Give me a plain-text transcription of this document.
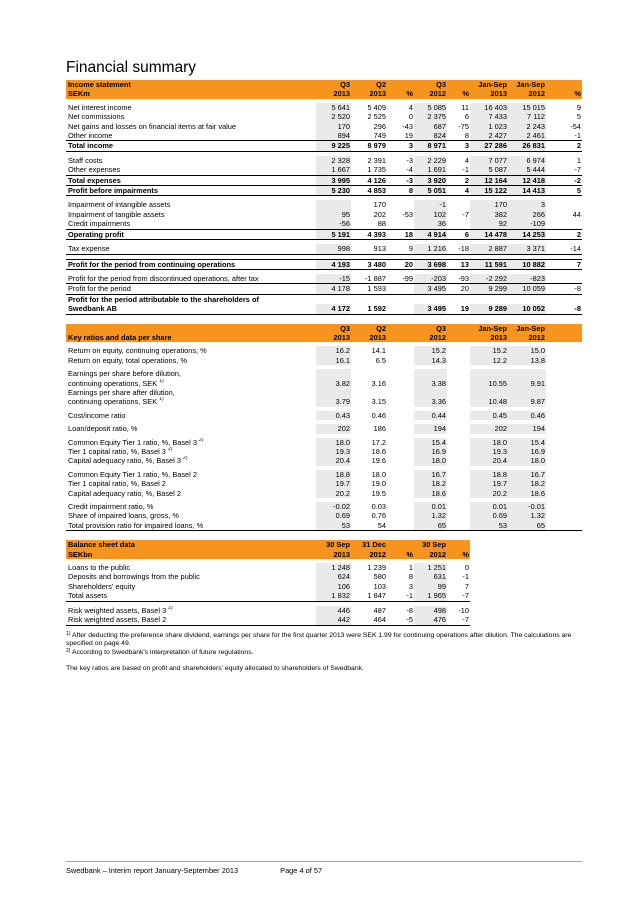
Financial summary
Income statement	Q3	Q2		Q3		Jan-Sep	Jan-Sep	
SEKm	2013	2013	%	2012	%	2013	2012	%

Net interest income	5 641	5 409	4	5 085	11	16 403	15 015	9
Net commissions	2 520	2 525	0	2 375	6	7 433	7 112	5
Net gains and losses on financial items at fair value	170	296	-43	687	-75	1 023	2 243	-54
Other income	894	749	19	824	8	2 427	2 461	-1
Total income	9 225	8 979	3	8 971	3	27 286	26 831	2

Staff costs	2 328	2 391	-3	2 229	4	7 077	6 974	1
Other expenses	1 667	1 735	-4	1 691	-1	5 087	5 444	-7
Total expenses	3 995	4 126	-3	3 920	2	12 164	12 418	-2
Profit before impairments	5 230	4 853	8	5 051	4	15 122	14 413	5

Impairment of intangible assets		170		-1		170	3	
Impairment of tangible assets	95	202	-53	102	-7	382	266	44
Credit impairments	-56	88		36		92	-109	
Operating profit	5 191	4 393	18	4 914	6	14 478	14 253	2

Tax expense	998	913	9	1 216	-18	2 887	3 371	-14

Profit for the period from continuing operations	4 193	3 480	20	3 698	13	11 591	10 882	7

Profit for the period from discontinued operations, after tax	-15	-1 887	-99	-203	-93	-2 292	-823	
Profit for the period	4 178	1 593		3 495	20	9 299	10 059	-8
Profit for the period attributable to the shareholders of								
Swedbank AB	4 172	1 592		3 495	19	9 289	10 052	-8
	Q3	Q2		Q3		Jan-Sep	Jan-Sep	
Key ratios and data per share	2013	2013		2012		2013	2012	

Return on equity, continuing operations, %	16.2	14.1		15.2		15.2	15.0	
Return on equity, total operations, %	16.1	6.5		14.3		12.2	13.8	

Earnings per share before dilution,								
continuing operations, SEK $^{1)}$	3.82	3.16		3.38		10.55	9.91	
Earnings per share after dilution,								
continuing operations, SEK $^{1)}$	3.79	3.15		3.36		10.48	9.87	

Cost/income ratio	0.43	0.46		0.44		0.45	0.46	

Loan/deposit ratio, %	202	186		194		202	194	

Common Equity Tier 1 ratio, %, Basel 3 $^{2)}$	18.0	17.2		15.4		18.0	15.4	
Tier 1 capital ratio, %, Basel 3 $^{2)}$	19.3	18.6		16.9		19.3	16.9	
Capital adequacy ratio, %, Basel 3 $^{2)}$	20.4	19.6		18.0		20.4	18.0	

Common Equity Tier 1 ratio, %, Basel 2	18.8	18.0		16.7		18.8	16.7	
Tier 1 capital ratio, %, Basel 2	19.7	19.0		18.2		19.7	18.2	
Capital adequacy ratio, %, Basel 2	20.2	19.5		18.6		20.2	18.6	

Credit impairment ratio, %	-0.02	0.03		0.01		0.01	-0.01	
Share of impaired loans, gross, %	0.69	0.76		1.32		0.69	1.32	
Total provision ratio for impaired loans, %	53	54		65		53	65	
Balance sheet data	30 Sep	31 Dec		30 Sep	
SEKbn	2013	2012	%	2012	%

Loans to the public	1 248	1 239	1	1 251	0
Deposits and borrowings from the public	624	580	8	631	-1
Shareholders' equity	106	103	3	99	7
Total assets	1 832	1 847	-1	1 965	-7

Risk weighted assets, Basel 3 $^{2)}$	446	487	-8	498	-10
Risk weighted assets, Basel 2	442	464	-5	476	-7

$^{1)}$ After deducting the preference share dividend, earnings per share for the first quarter 2013 were SEK 1.99 for continuing operations after dilution. The calculations are specified on page 49.

$^{2)}$ According to Swedbank's interpretation of future regulations.

The key ratios are based on profit and shareholders' equity allocated to shareholders of Swedbank.

Swedbank – Interim report January-September 2013	Page 4 of 57
